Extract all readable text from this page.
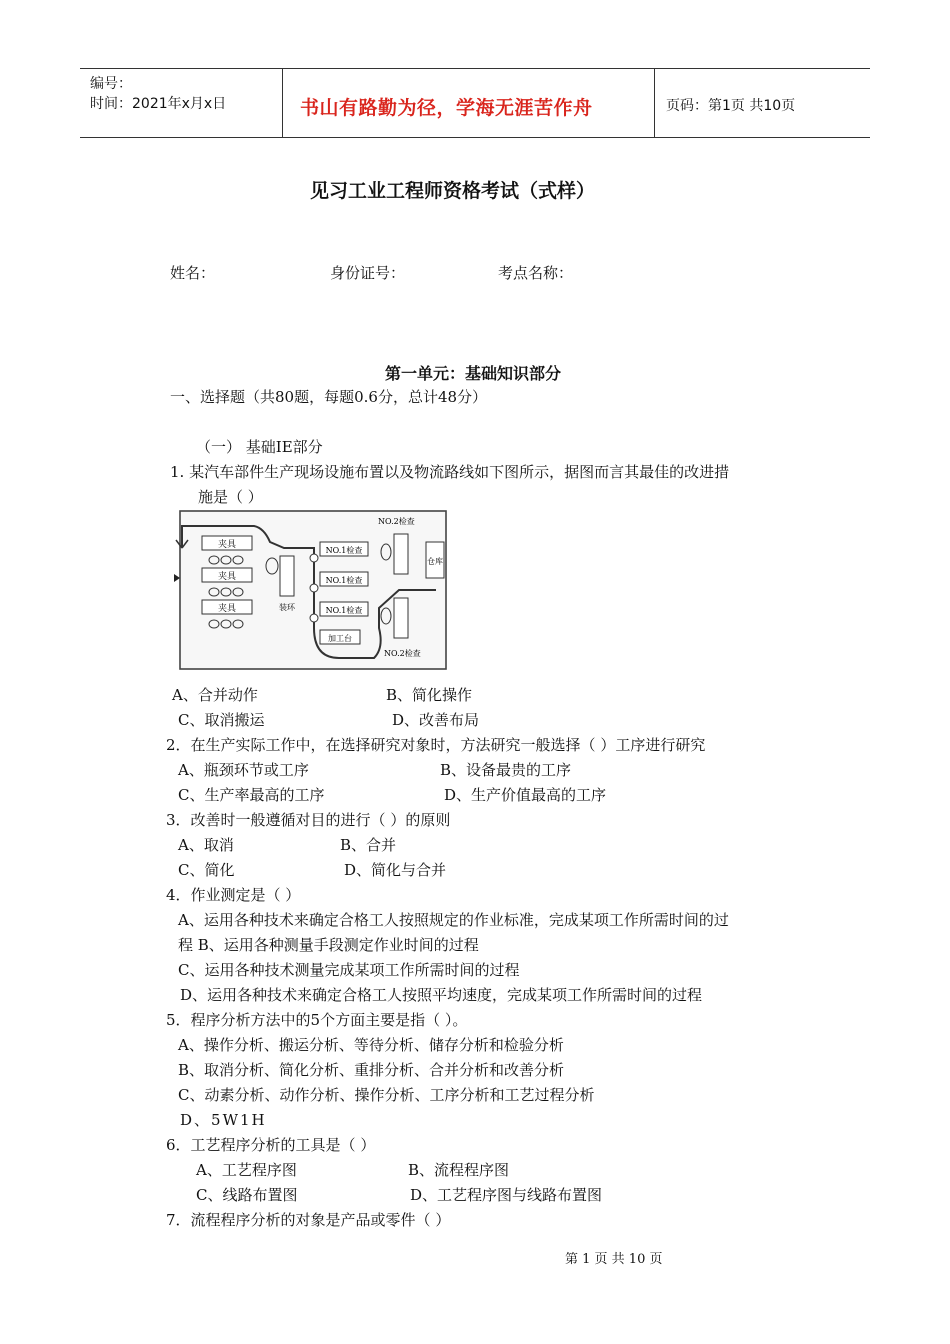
编号：
时间：2021年x月x日	书山有路勤为径，学海无涯苦作舟	页码：第1页 共10页
见习工业工程师资格考试（式样）
姓名：	身份证号：	考点名称：
第一单元：基础知识部分
一、选择题（共80题，每题0.6分，总计48分）
（一） 基础IE部分
1. 某汽车部件生产现场设施布置以及物流路线如下图所示，据图而言其最佳的改进措
施是（ ）
夹具
夹具
夹具	装环
NO.1检查
NO.1检查
NO.1检查
加工台
NO.2检查
NO.2检查
仓库
A、合并动作	B、简化操作
C、取消搬运	D、改善布局
2．在生产实际工作中，在选择研究对象时，方法研究一般选择（ ）工序进行研究
A、瓶颈环节或工序	B、设备最贵的工序
C、生产率最高的工序	D、生产价值最高的工序
3．改善时一般遵循对目的进行（ ）的原则
A、取消	B、合并
C、简化	D、简化与合并
4．作业测定是（ ）
A、运用各种技术来确定合格工人按照规定的作业标准，完成某项工作所需时间的过
程 B、运用各种测量手段测定作业时间的过程
C、运用各种技术测量完成某项工作所需时间的过程
D、运用各种技术来确定合格工人按照平均速度，完成某项工作所需时间的过程
5．程序分析方法中的5个方面主要是指（ ）。
A、操作分析、搬运分析、等待分析、储存分析和检验分析
B、取消分析、简化分析、重排分析、合并分析和改善分析
C、动素分析、动作分析、操作分析、工序分析和工艺过程分析
D、5W1H
6．工艺程序分析的工具是（ ）
A、工艺程序图	B、流程程序图
C、线路布置图	D、工艺程序图与线路布置图
7．流程程序分析的对象是产品或零件（ ）
第 1 页 共 10 页
